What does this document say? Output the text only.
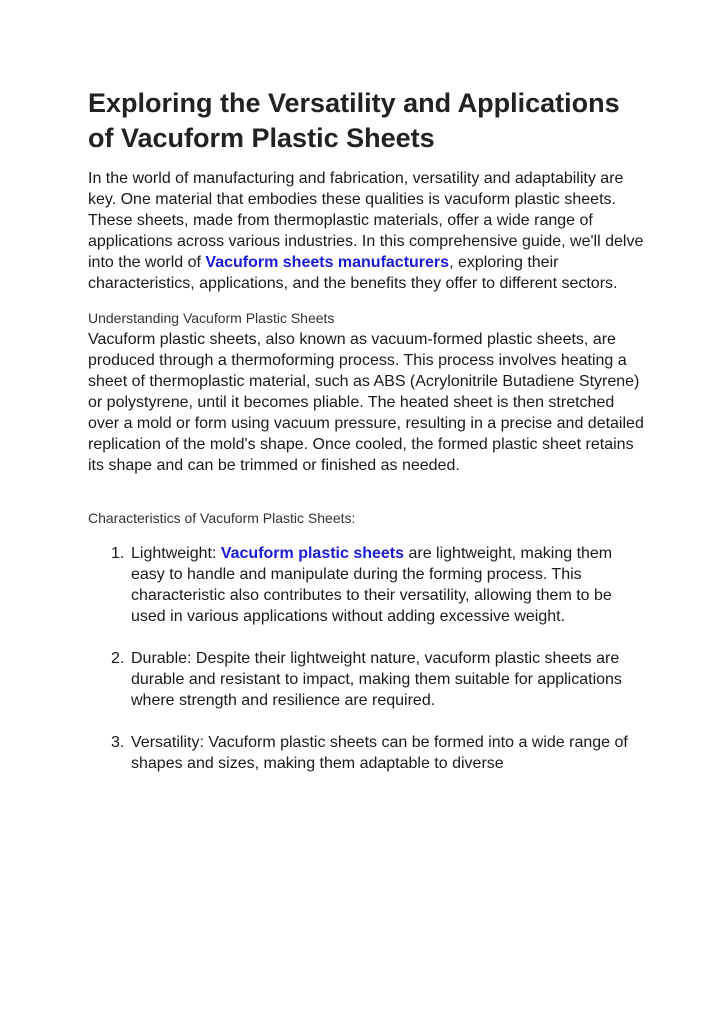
Exploring the Versatility and Applications of Vacuform Plastic Sheets

In the world of manufacturing and fabrication, versatility and adaptability are key. One material that embodies these qualities is vacuform plastic sheets. These sheets, made from thermoplastic materials, offer a wide range of applications across various industries. In this comprehensive guide, we'll delve into the world of Vacuform sheets manufacturers, exploring their characteristics, applications, and the benefits they offer to different sectors.

Understanding Vacuform Plastic Sheets

Vacuform plastic sheets, also known as vacuum-formed plastic sheets, are produced through a thermoforming process. This process involves heating a sheet of thermoplastic material, such as ABS (Acrylonitrile Butadiene Styrene) or polystyrene, until it becomes pliable. The heated sheet is then stretched over a mold or form using vacuum pressure, resulting in a precise and detailed replication of the mold's shape. Once cooled, the formed plastic sheet retains its shape and can be trimmed or finished as needed.

Characteristics of Vacuform Plastic Sheets:
1. Lightweight: Vacuform plastic sheets are lightweight, making them easy to handle and manipulate during the forming process. This characteristic also contributes to their versatility, allowing them to be used in various applications without adding excessive weight.
2. Durable: Despite their lightweight nature, vacuform plastic sheets are durable and resistant to impact, making them suitable for applications where strength and resilience are required.
3. Versatility: Vacuform plastic sheets can be formed into a wide range of shapes and sizes, making them adaptable to diverse
